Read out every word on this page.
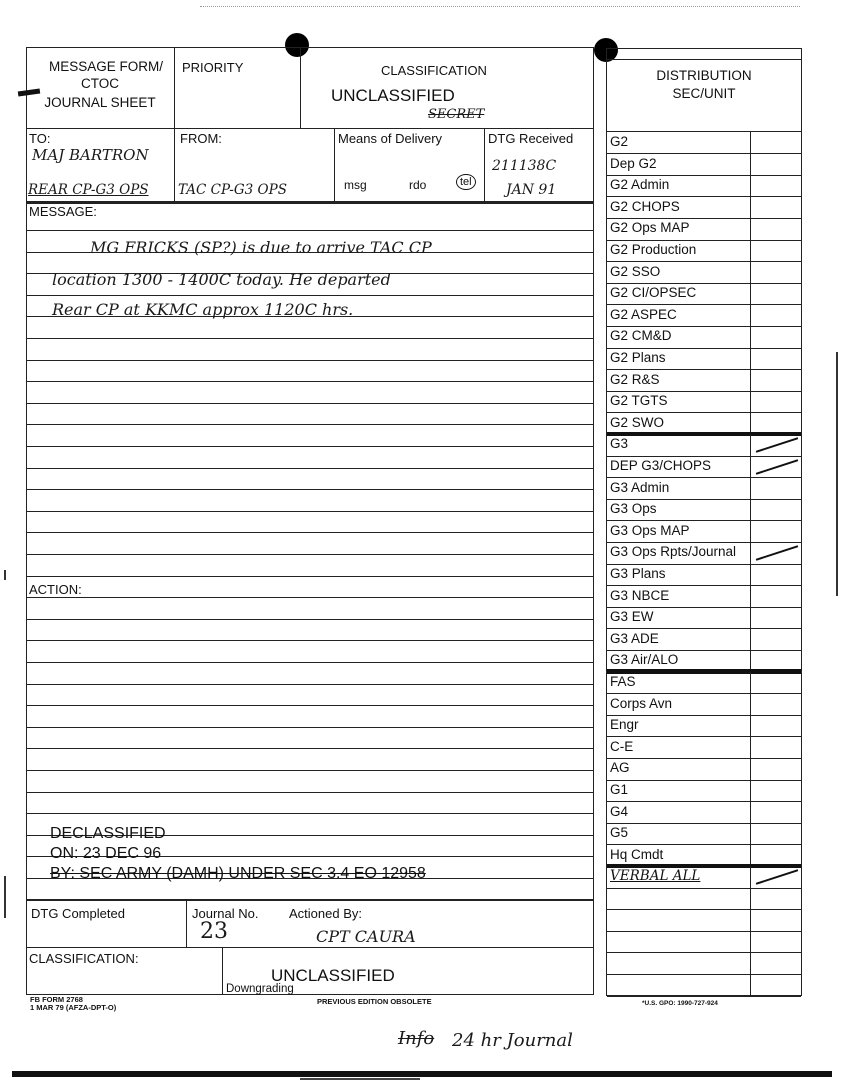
MESSAGE FORM/
CTOC
JOURNAL SHEET
PRIORITY	CLASSIFICATION
UNCLASSIFIED
SECRET
TO:
MAJ BARTRON
REAR CP-G3 OPS
FROM:
TAC CP-G3 OPS
Means of Delivery
msg	rdo	tel
DTG Received
211138C
JAN 91
MESSAGE:
MG FRICKS (SP?) is due to arrive TAC CP
location 1300 - 1400C today. He departed
Rear CP at KKMC approx 1120C hrs.
ACTION:
DECLASSIFIED
ON: 23 DEC 96
BY: SEC ARMY (DAMH) UNDER SEC 3.4 EO 12958
DTG Completed	Journal No.
23
Actioned By:
CPT CAURA
CLASSIFICATION:
UNCLASSIFIED
Downgrading
FB FORM 2768
1 MAR 79 (AFZA-DPT-O)
PREVIOUS EDITION OBSOLETE	*U.S. GPO: 1990-727-924
Info 24 hr Journal
DISTRIBUTION
SEC/UNIT
G2
Dep G2
G2 Admin
G2 CHOPS
G2 Ops MAP
G2 Production
G2 SSO
G2 CI/OPSEC
G2 ASPEC
G2 CM&D
G2 Plans
G2 R&S
G2 TGTS
G2 SWO
G3
DEP G3/CHOPS
G3 Admin
G3 Ops
G3 Ops MAP
G3 Ops Rpts/Journal
G3 Plans
G3 NBCE
G3 EW
G3 ADE
G3 Air/ALO
FAS
Corps Avn
Engr
C-E
AG
G1
G4
G5
Hq Cmdt
VERBAL ALL
